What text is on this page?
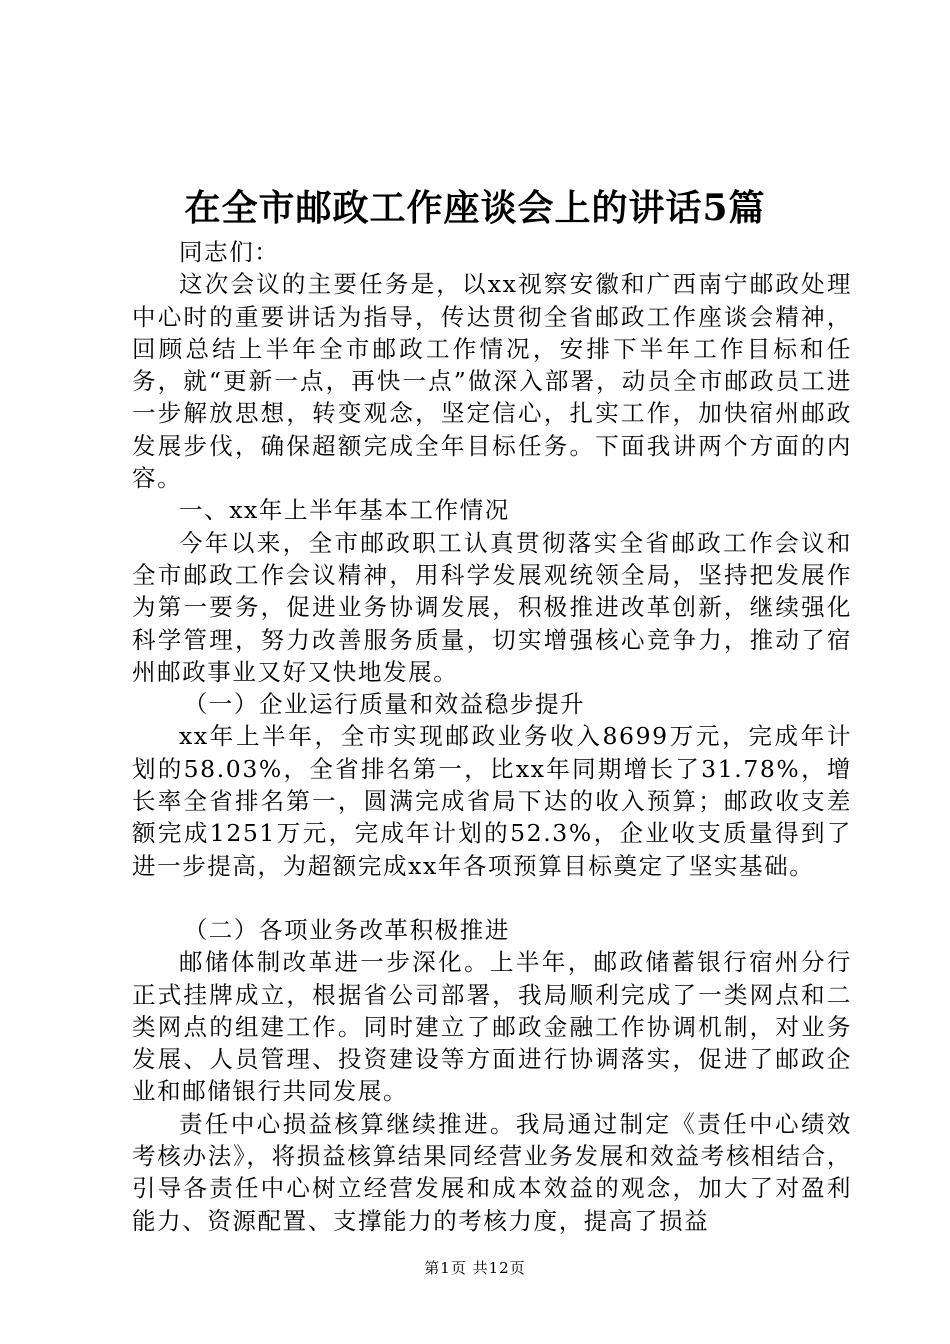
在全市邮政工作座谈会上的讲话5篇

同志们：

这次会议的主要任务是，以xx视察安徽和广西南宁邮政处理中心时的重要讲话为指导，传达贯彻全省邮政工作座谈会精神，回顾总结上半年全市邮政工作情况，安排下半年工作目标和任务，就“更新一点，再快一点”做深入部署，动员全市邮政员工进一步解放思想，转变观念，坚定信心，扎实工作，加快宿州邮政发展步伐，确保超额完成全年目标任务。下面我讲两个方面的内容。

一、xx年上半年基本工作情况

今年以来，全市邮政职工认真贯彻落实全省邮政工作会议和全市邮政工作会议精神，用科学发展观统领全局，坚持把发展作为第一要务，促进业务协调发展，积极推进改革创新，继续强化科学管理，努力改善服务质量，切实增强核心竞争力，推动了宿州邮政事业又好又快地发展。

（一）企业运行质量和效益稳步提升

xx年上半年，全市实现邮政业务收入8699万元，完成年计划的58.03%，全省排名第一，比xx年同期增长了31.78%，增长率全省排名第一，圆满完成省局下达的收入预算；邮政收支差额完成1251万元，完成年计划的52.3%，企业收支质量得到了进一步提高，为超额完成xx年各项预算目标奠定了坚实基础。

（二）各项业务改革积极推进

邮储体制改革进一步深化。上半年，邮政储蓄银行宿州分行正式挂牌成立，根据省公司部署，我局顺利完成了一类网点和二类网点的组建工作。同时建立了邮政金融工作协调机制，对业务发展、人员管理、投资建设等方面进行协调落实，促进了邮政企业和邮储银行共同发展。

责任中心损益核算继续推进。我局通过制定《责任中心绩效考核办法》，将损益核算结果同经营业务发展和效益考核相结合，引导各责任中心树立经营发展和成本效益的观念，加大了对盈利能力、资源配置、支撑能力的考核力度，提高了损益

第1页 共12页
